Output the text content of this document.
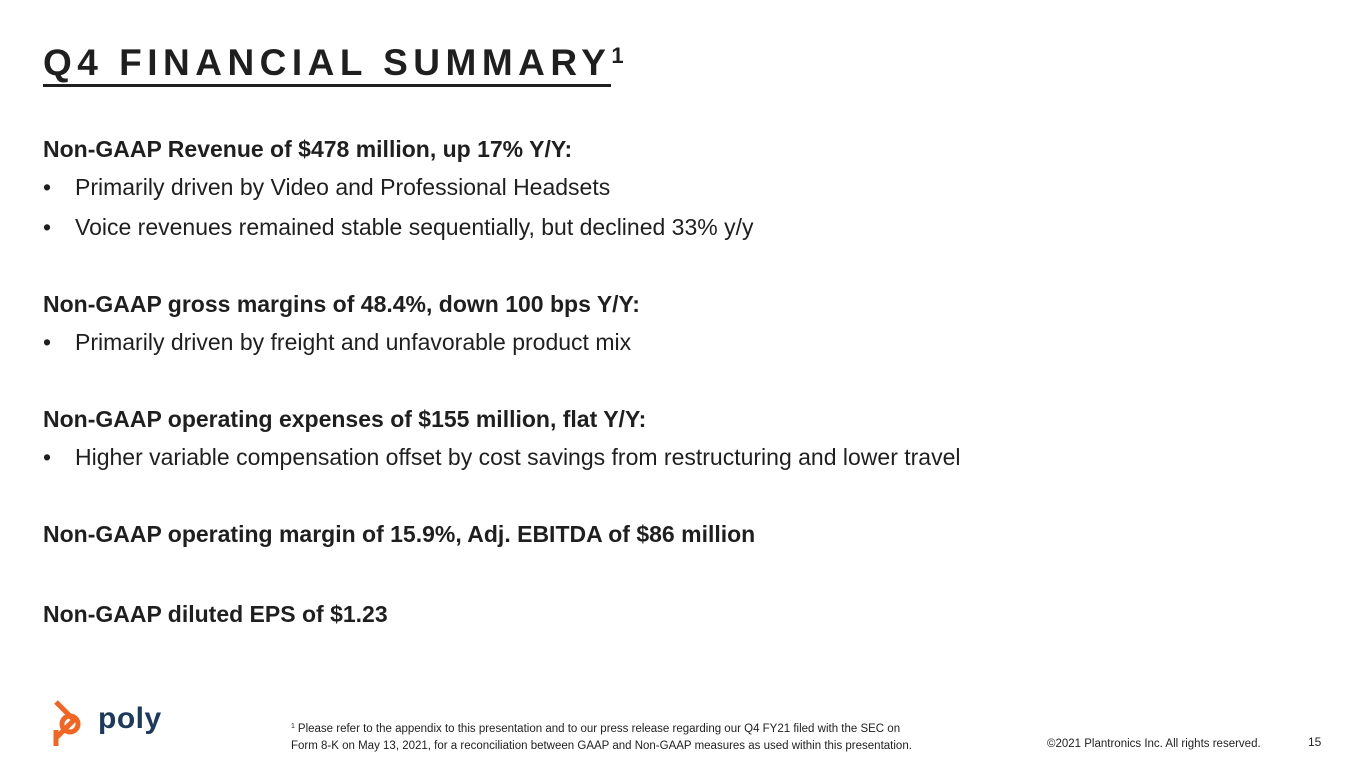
Q4 FINANCIAL SUMMARY$^1$
Non-GAAP Revenue of $478 million, up 17% Y/Y:
• Primarily driven by Video and Professional Headsets
• Voice revenues remained stable sequentially, but declined 33% y/y
Non-GAAP gross margins of 48.4%, down 100 bps Y/Y:
• Primarily driven by freight and unfavorable product mix
Non-GAAP operating expenses of $155 million, flat Y/Y:
• Higher variable compensation offset by cost savings from restructuring and lower travel
Non-GAAP operating margin of 15.9%, Adj. EBITDA of $86 million
Non-GAAP diluted EPS of $1.23
poly	$^1$ Please refer to the appendix to this presentation and to our press release regarding our Q4 FY21 filed with the SEC on
Form 8-K on May 13, 2021, for a reconciliation between GAAP and Non-GAAP measures as used within this presentation.	©2021 Plantronics Inc. All rights reserved.	15
